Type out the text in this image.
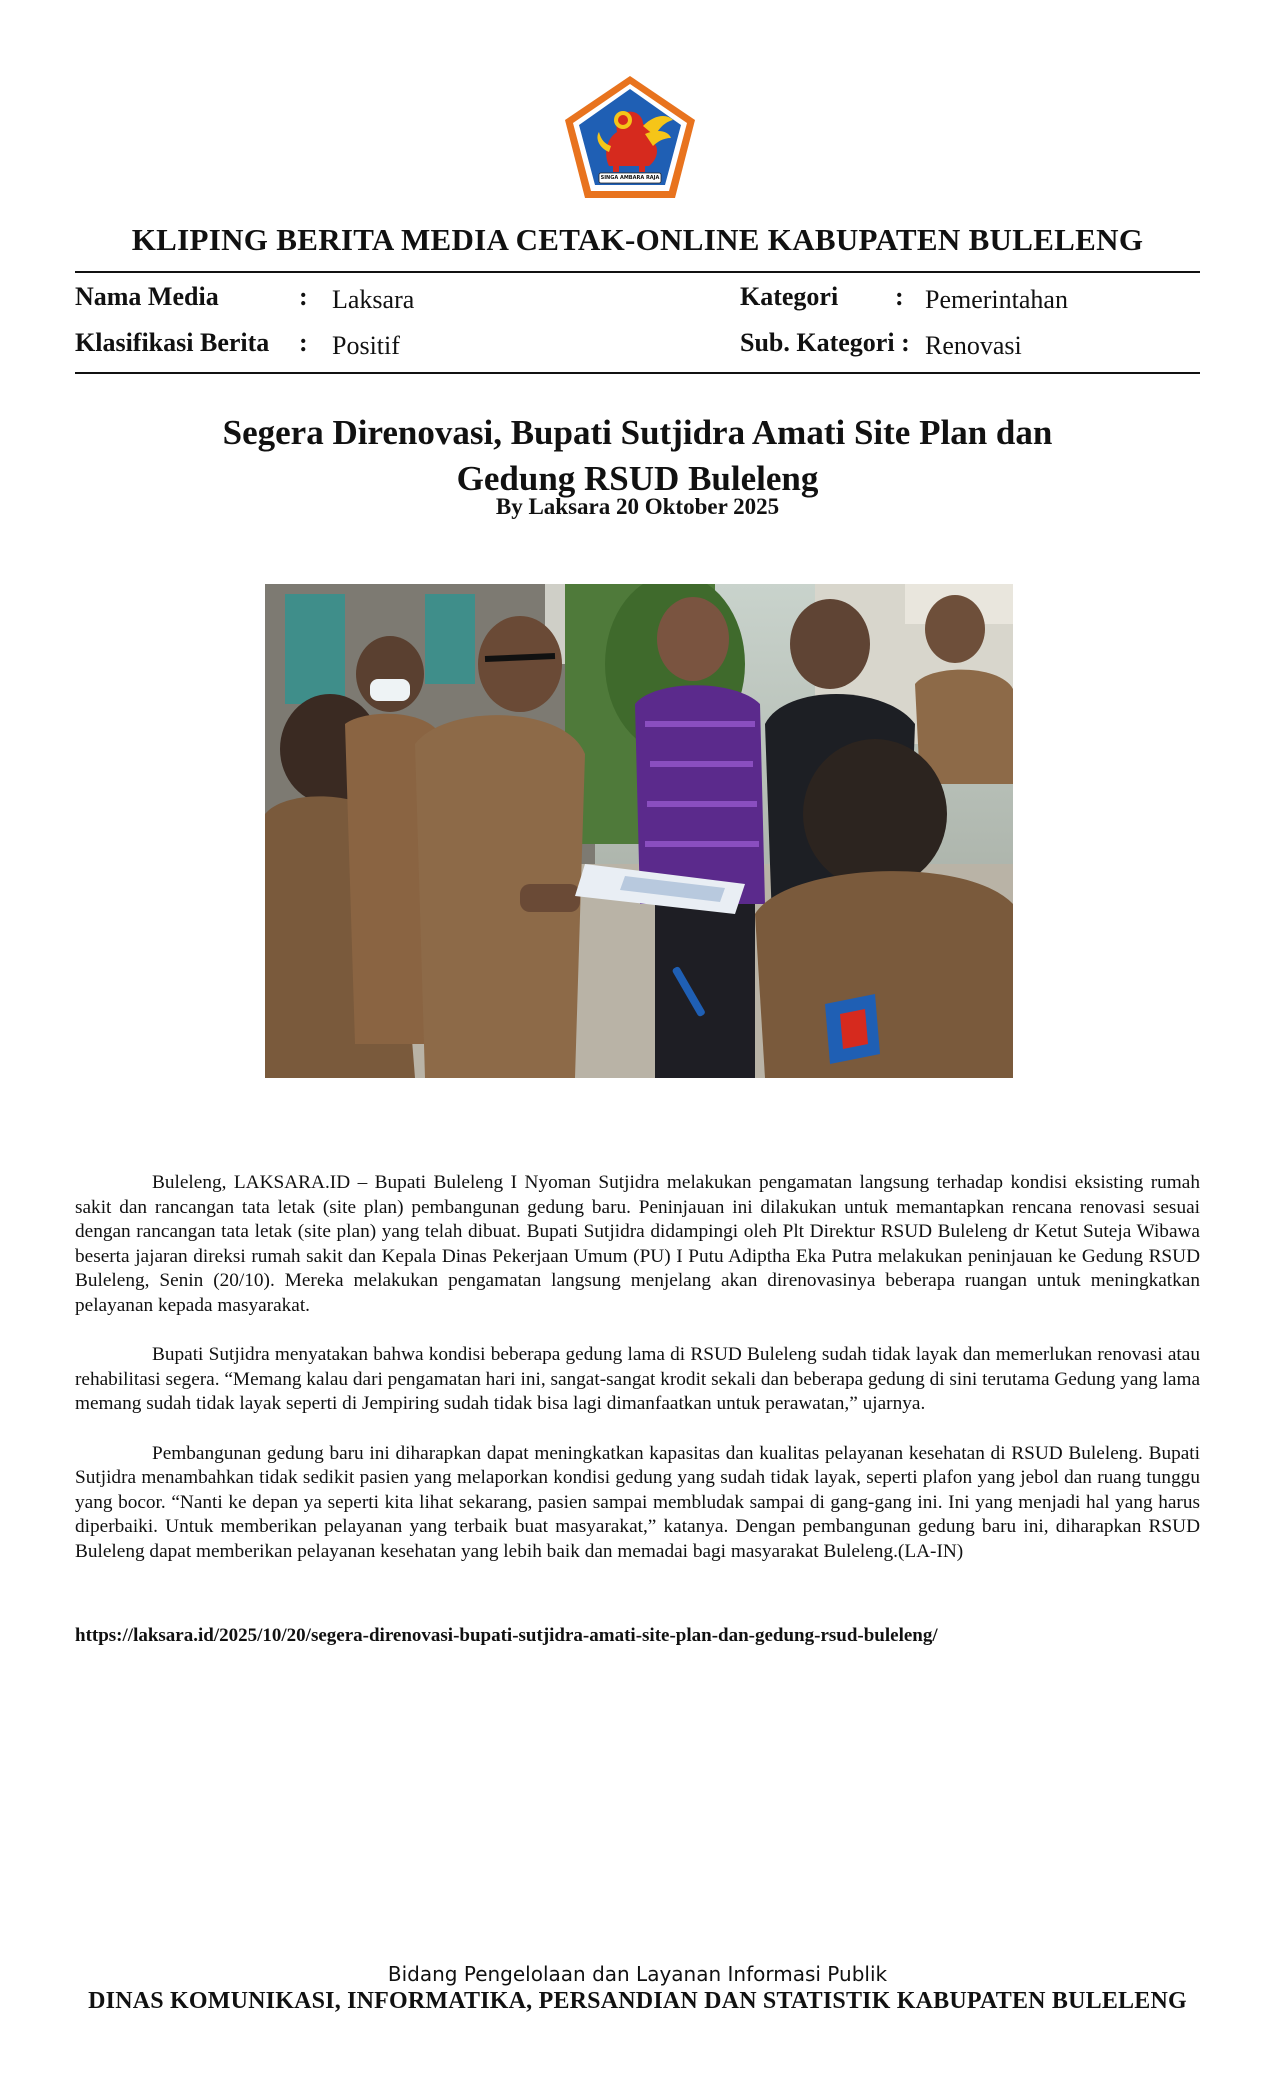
SINGA AMBARA RAJA
KLIPING BERITA MEDIA CETAK-ONLINE KABUPATEN BULELENG
Nama Media	: Laksara
Klasifikasi Berita : Positif
Kategori : Pemerintahan
Sub. Kategori : Renovasi
Segera Direnovasi, Bupati Sutjidra Amati Site Plan dan
Gedung RSUD Buleleng
By Laksara 20 Oktober 2025

Buleleng, LAKSARA.ID – Bupati Buleleng I Nyoman Sutjidra melakukan pengamatan langsung terhadap kondisi eksisting rumah sakit dan rancangan tata letak (site plan) pembangunan gedung baru. Peninjauan ini dilakukan untuk memantapkan rencana renovasi sesuai dengan rancangan tata letak (site plan) yang telah dibuat. Bupati Sutjidra didampingi oleh Plt Direktur RSUD Buleleng dr Ketut Suteja Wibawa beserta jajaran direksi rumah sakit dan Kepala Dinas Pekerjaan Umum (PU) I Putu Adiptha Eka Putra melakukan peninjauan ke Gedung RSUD Buleleng, Senin (20/10). Mereka melakukan pengamatan langsung menjelang akan direnovasinya beberapa ruangan untuk meningkatkan pelayanan kepada masyarakat.

Bupati Sutjidra menyatakan bahwa kondisi beberapa gedung lama di RSUD Buleleng sudah tidak layak dan memerlukan renovasi atau rehabilitasi segera. “Memang kalau dari pengamatan hari ini, sangat-sangat krodit sekali dan beberapa gedung di sini terutama Gedung yang lama memang sudah tidak layak seperti di Jempiring sudah tidak bisa lagi dimanfaatkan untuk perawatan,” ujarnya.

Pembangunan gedung baru ini diharapkan dapat meningkatkan kapasitas dan kualitas pelayanan kesehatan di RSUD Buleleng. Bupati Sutjidra menambahkan tidak sedikit pasien yang melaporkan kondisi gedung yang sudah tidak layak, seperti plafon yang jebol dan ruang tunggu yang bocor. “Nanti ke depan ya seperti kita lihat sekarang, pasien sampai membludak sampai di gang-gang ini. Ini yang menjadi hal yang harus diperbaiki. Untuk memberikan pelayanan yang terbaik buat masyarakat,” katanya. Dengan pembangunan gedung baru ini, diharapkan RSUD Buleleng dapat memberikan pelayanan kesehatan yang lebih baik dan memadai bagi masyarakat Buleleng.(LA-IN)

https://laksara.id/2025/10/20/segera-direnovasi-bupati-sutjidra-amati-site-plan-dan-gedung-rsud-buleleng/
Bidang Pengelolaan dan Layanan Informasi Publik
DINAS KOMUNIKASI, INFORMATIKA, PERSANDIAN DAN STATISTIK KABUPATEN BULELENG
